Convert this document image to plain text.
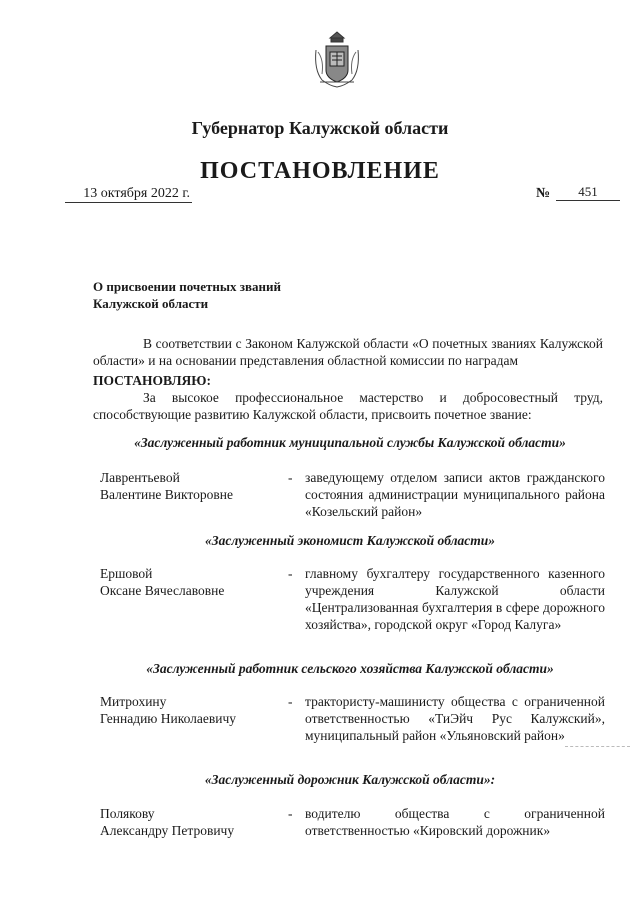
Губернатор Калужской области
ПОСТАНОВЛЕНИЕ
13 октября 2022 г.	№	451
О присвоении почетных званий
Калужской области
В соответствии с Законом Калужской области «О почетных званиях Калужской области» и на основании представления областной комиссии по наградам
ПОСТАНОВЛЯЮ:
За высокое профессиональное мастерство и добросовестный труд, способствующие развитию Калужской области, присвоить почетное звание:
«Заслуженный работник муниципальной службы Калужской области»
Лаврентьевой
Валентине Викторовне
- заведующему отделом записи актов гражданского состояния администрации муниципального района «Козельский район»
«Заслуженный экономист Калужской области»
Ершовой
Оксане Вячеславовне
- главному бухгалтеру государственного казенного учреждения Калужской области «Централизованная бухгалтерия в сфере дорожного хозяйства», городской округ «Город Калуга»
«Заслуженный работник сельского хозяйства Калужской области»
Митрохину
Геннадию Николаевичу
- трактористу-машинисту общества с ограниченной ответственностью «ТиЭйч Рус Калужский», муниципальный район «Ульяновский район»
«Заслуженный дорожник Калужской области»:
Полякову
Александру Петровичу
- водителю общества с ограниченной ответственностью «Кировский дорожник»
